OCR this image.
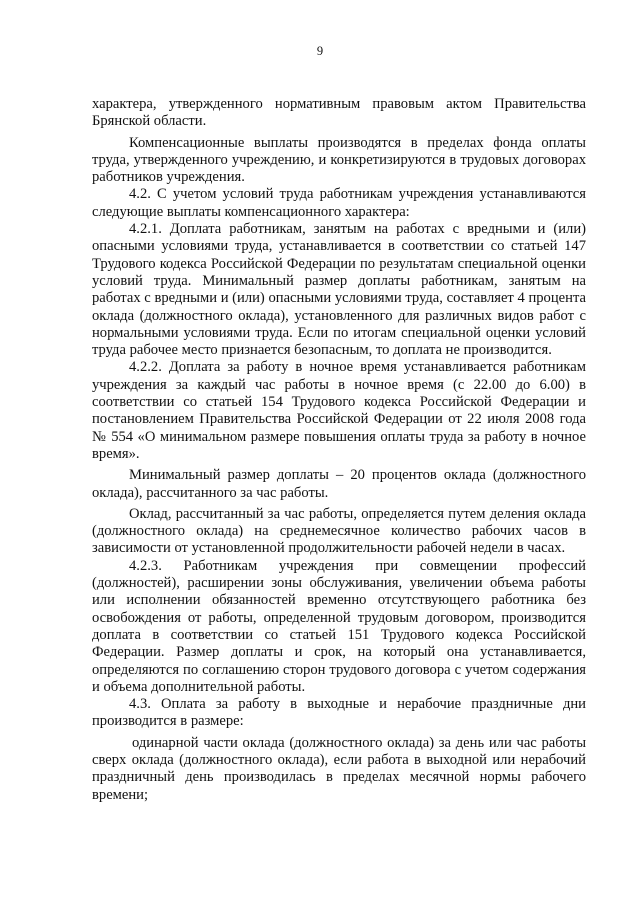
9

характера, утвержденного нормативным правовым актом Правительства Брянской области.

Компенсационные выплаты производятся в пределах фонда оплаты труда, утвержденного учреждению, и конкретизируются в трудовых договорах работников учреждения.

4.2. С учетом условий труда работникам учреждения устанавливаются следующие выплаты компенсационного характера:

4.2.1. Доплата работникам, занятым на работах с вредными и (или) опасными условиями труда, устанавливается в соответствии со статьей 147 Трудового кодекса Российской Федерации по результатам специальной оценки условий труда. Минимальный размер доплаты работникам, занятым на работах с вредными и (или) опасными условиями труда, составляет 4 процента оклада (должностного оклада), установленного для различных видов работ с нормальными условиями труда. Если по итогам специальной оценки условий труда рабочее место признается безопасным, то доплата не производится.

4.2.2. Доплата за работу в ночное время устанавливается работникам учреждения за каждый час работы в ночное время (с 22.00 до 6.00) в соответствии со статьей 154 Трудового кодекса Российской Федерации и постановлением Правительства Российской Федерации от 22 июля 2008 года № 554 «О минимальном размере повышения оплаты труда за работу в ночное время».

Минимальный размер доплаты – 20 процентов оклада (должностного оклада), рассчитанного за час работы.

Оклад, рассчитанный за час работы, определяется путем деления оклада (должностного оклада) на среднемесячное количество рабочих часов в зависимости от установленной продолжительности рабочей недели в часах.

4.2.3. Работникам учреждения при совмещении профессий (должностей), расширении зоны обслуживания, увеличении объема работы или исполнении обязанностей временно отсутствующего работника без освобождения от работы, определенной трудовым договором, производится доплата в соответствии со статьей 151 Трудового кодекса Российской Федерации. Размер доплаты и срок, на который она устанавливается, определяются по соглашению сторон трудового договора с учетом содержания и объема дополнительной работы.

4.3. Оплата за работу в выходные и нерабочие праздничные дни производится в размере:

одинарной части оклада (должностного оклада) за день или час работы сверх оклада (должностного оклада), если работа в выходной или нерабочий праздничный день производилась в пределах месячной нормы рабочего времени;
